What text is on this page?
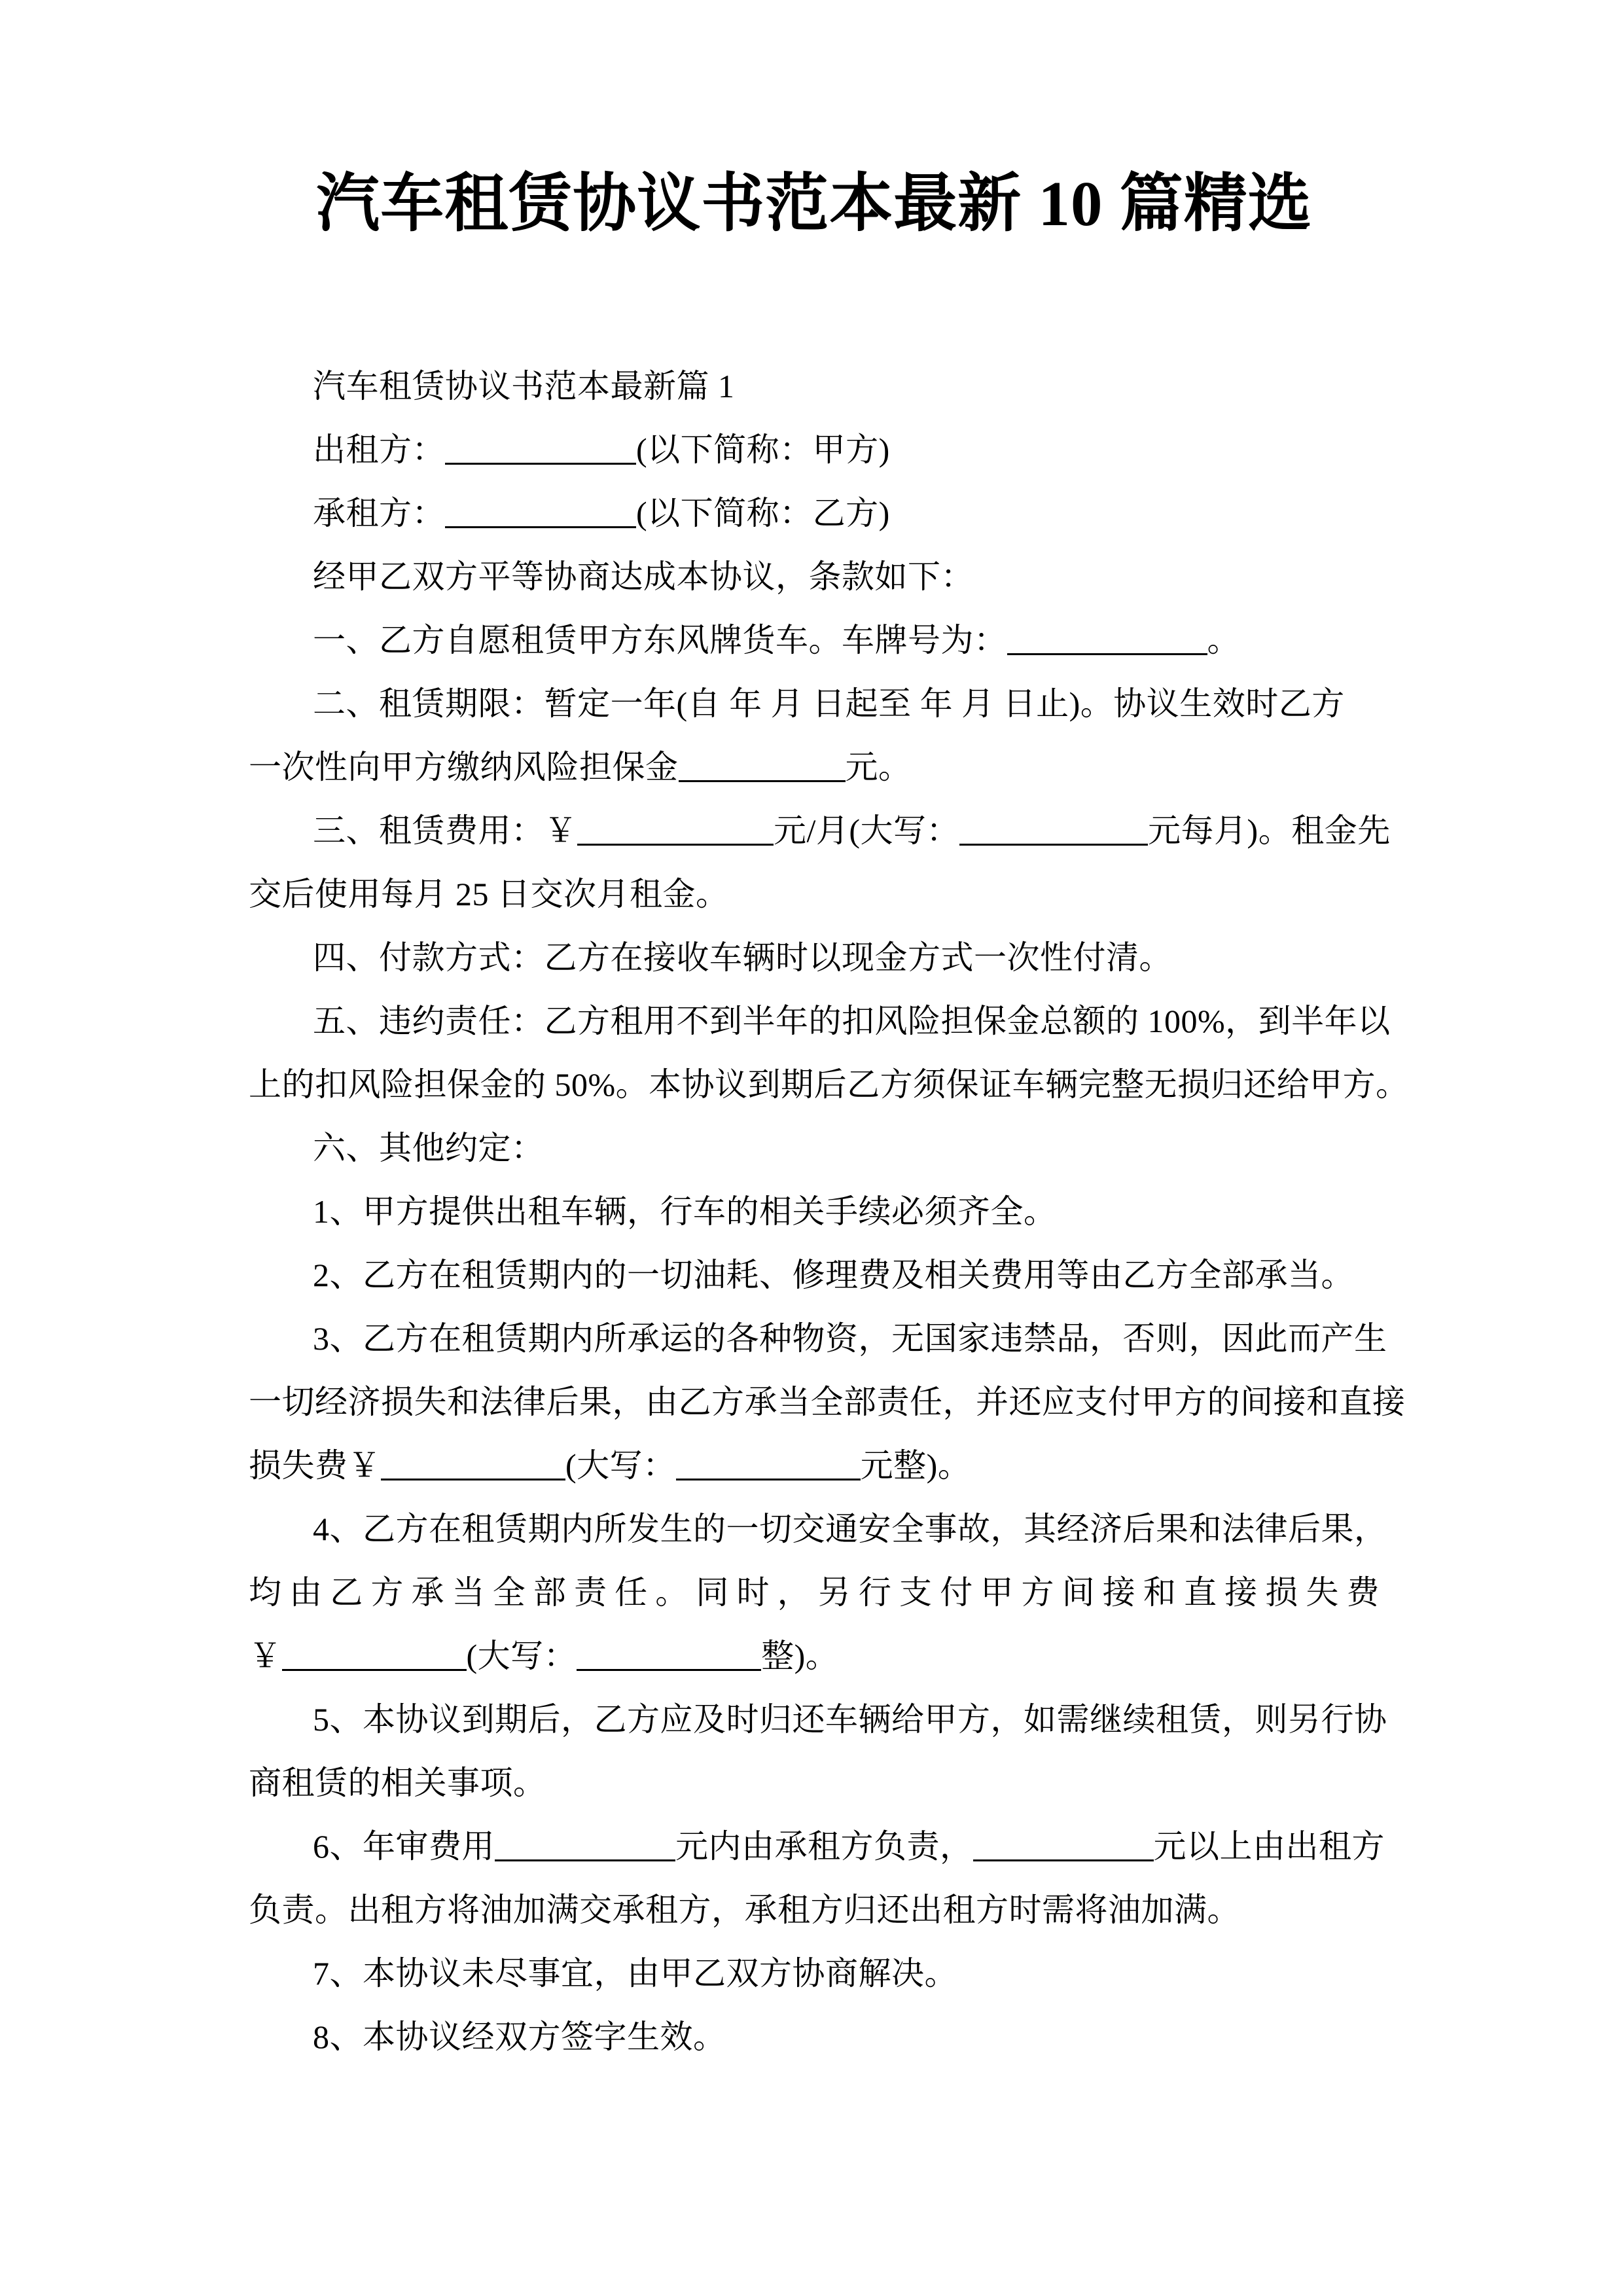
汽车租赁协议书范本最新 10 篇精选
汽车租赁协议书范本最新篇 1
出租方：	(以下简称：甲方)
承租方：	(以下简称：乙方)
经甲乙双方平等协商达成本协议，条款如下：
一、乙方自愿租赁甲方东风牌货车。车牌号为：	。
二、租赁期限：暂定一年(自 年 月 日起至 年 月 日止)。协议生效时乙方
一次性向甲方缴纳风险担保金	元。
三、租赁费用：￥	元/月(大写：	元每月)。租金先
交后使用每月 25 日交次月租金。
四、付款方式：乙方在接收车辆时以现金方式一次性付清。
五、违约责任：乙方租用不到半年的扣风险担保金总额的 100%，到半年以
上的扣风险担保金的 50%。本协议到期后乙方须保证车辆完整无损归还给甲方。
六、其他约定：
1、甲方提供出租车辆，行车的相关手续必须齐全。
2、乙方在租赁期内的一切油耗、修理费及相关费用等由乙方全部承当。
3、乙方在租赁期内所承运的各种物资，无国家违禁品，否则，因此而产生
一切经济损失和法律后果，由乙方承当全部责任，并还应支付甲方的间接和直接
损失费￥	(大写：	元整)。
4、乙方在租赁期内所发生的一切交通安全事故，其经济后果和法律后果，
均由乙方承当全部责任。同时，另行支付甲方间接和直接损失费
￥	(大写：	整)。
5、本协议到期后，乙方应及时归还车辆给甲方，如需继续租赁，则另行协
商租赁的相关事项。
6、年审费用	元内由承租方负责，	元以上由出租方
负责。出租方将油加满交承租方，承租方归还出租方时需将油加满。
7、本协议未尽事宜，由甲乙双方协商解决。
8、本协议经双方签字生效。
